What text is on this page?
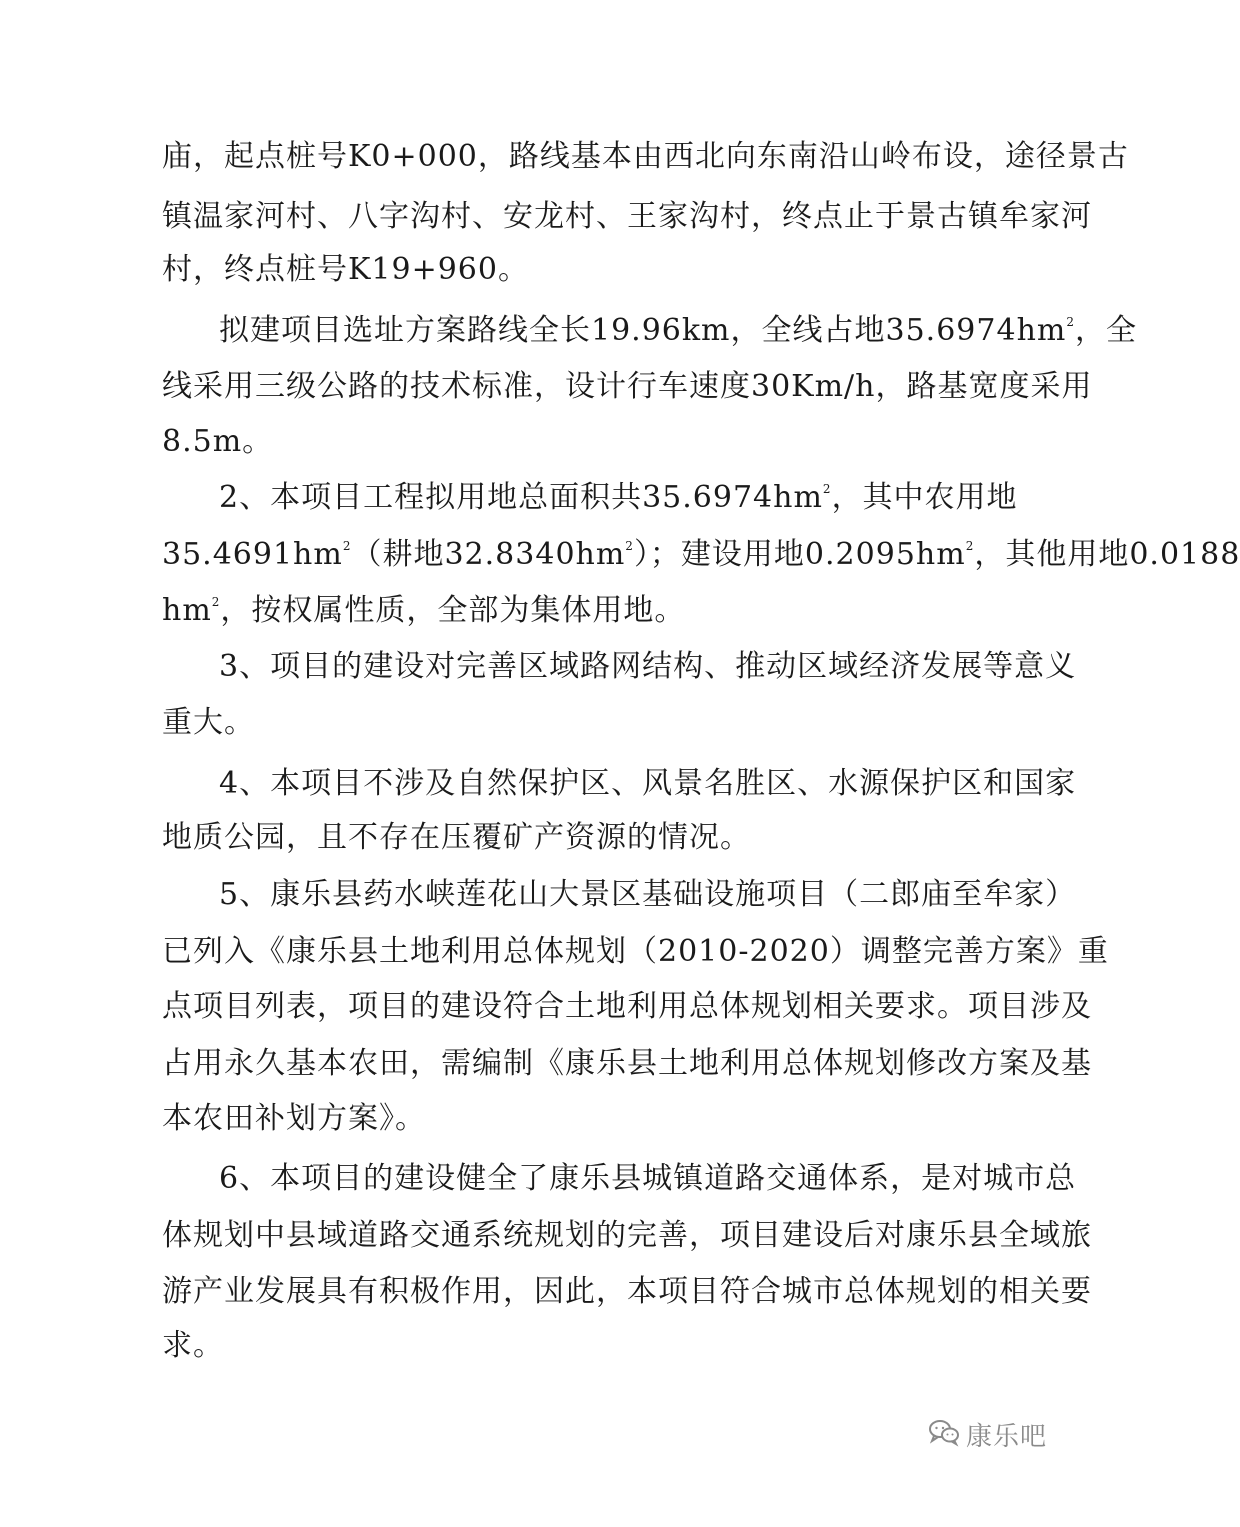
庙，起点桩号K0+000，路线基本由西北向东南沿山岭布设，途径景古
镇温家河村、八字沟村、安龙村、王家沟村，终点止于景古镇牟家河
村，终点桩号K19+960。
拟建项目选址方案路线全长19.96km，全线占地$35.6974hm^2$，全
线采用三级公路的技术标准，设计行车速度30Km/h，路基宽度采用
8.5m。
2、本项目工程拟用地总面积共$35.6974hm^2$，其中农用地
$35.4691hm^2$（耕地$32.8340hm^2$）；建设用地$0.2095hm^2$，其他用地0.0188
$hm^2$，按权属性质，全部为集体用地。
3、项目的建设对完善区域路网结构、推动区域经济发展等意义
重大。
4、本项目不涉及自然保护区、风景名胜区、水源保护区和国家
地质公园，且不存在压覆矿产资源的情况。
5、康乐县药水峡莲花山大景区基础设施项目（二郎庙至牟家）
已列入《康乐县土地利用总体规划（2010-2020）调整完善方案》重
点项目列表，项目的建设符合土地利用总体规划相关要求。项目涉及
占用永久基本农田，需编制《康乐县土地利用总体规划修改方案及基
本农田补划方案》。
6、本项目的建设健全了康乐县城镇道路交通体系，是对城市总
体规划中县域道路交通系统规划的完善，项目建设后对康乐县全域旅
游产业发展具有积极作用，因此，本项目符合城市总体规划的相关要
求。
康乐吧
